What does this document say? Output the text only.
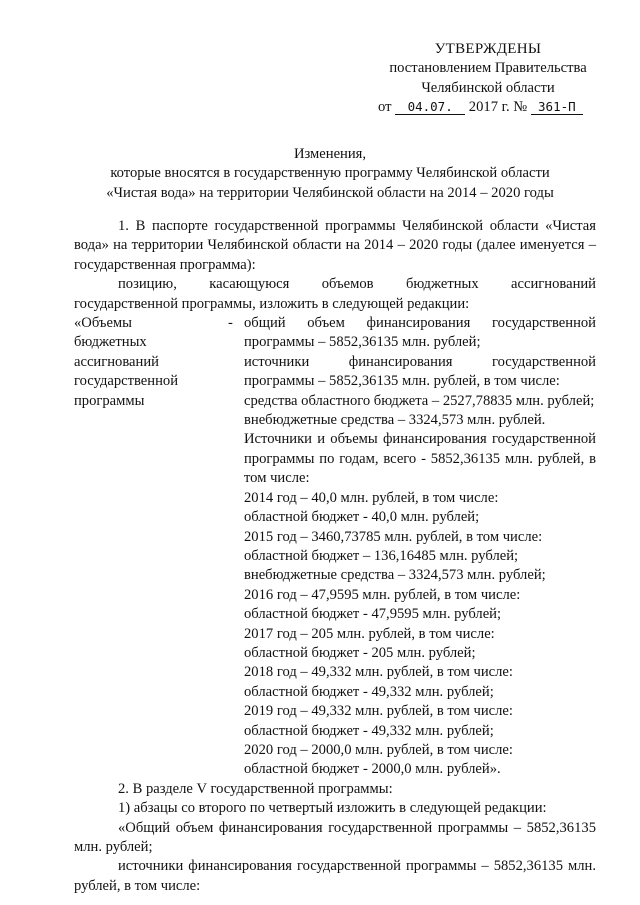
УТВЕРЖДЕНЫ
постановлением Правительства
Челябинской области
от 04.07. 2017 г. № 361-П
Изменения,
которые вносятся в государственную программу Челябинской области
«Чистая вода» на территории Челябинской области на 2014 – 2020 годы

1. В паспорте государственной программы Челябинской области «Чистая вода» на территории Челябинской области на 2014 – 2020 годы (далее именуется – государственная программа):

позицию, касающуюся объемов бюджетных ассигнований

государственной программы, изложить в следующей редакции:

«Объемы
бюджетных
ассигнований
государственной
программы
- общий объем финансирования государственной программы – 5852,36135 млн. рублей;
источники финансирования государственной программы – 5852,36135 млн. рублей, в том числе:
средства областного бюджета – 2527,78835 млн. рублей;
внебюджетные средства – 3324,573 млн. рублей.
Источники и объемы финансирования государственной программы по годам, всего - 5852,36135 млн. рублей, в том числе:
2014 год – 40,0 млн. рублей, в том числе:
областной бюджет - 40,0 млн. рублей;
2015 год – 3460,73785 млн. рублей, в том числе:
областной бюджет – 136,16485 млн. рублей;
внебюджетные средства – 3324,573 млн. рублей;
2016 год – 47,9595 млн. рублей, в том числе:
областной бюджет - 47,9595 млн. рублей;
2017 год – 205 млн. рублей, в том числе:
областной бюджет - 205 млн. рублей;
2018 год – 49,332 млн. рублей, в том числе:
областной бюджет - 49,332 млн. рублей;
2019 год – 49,332 млн. рублей, в том числе:
областной бюджет - 49,332 млн. рублей;
2020 год – 2000,0 млн. рублей, в том числе:
областной бюджет - 2000,0 млн. рублей».

2. В разделе V государственной программы:

1) абзацы со второго по четвертый изложить в следующей редакции:

«Общий объем финансирования государственной программы – 5852,36135 млн. рублей;

источники финансирования государственной программы – 5852,36135 млн. рублей, в том числе:
